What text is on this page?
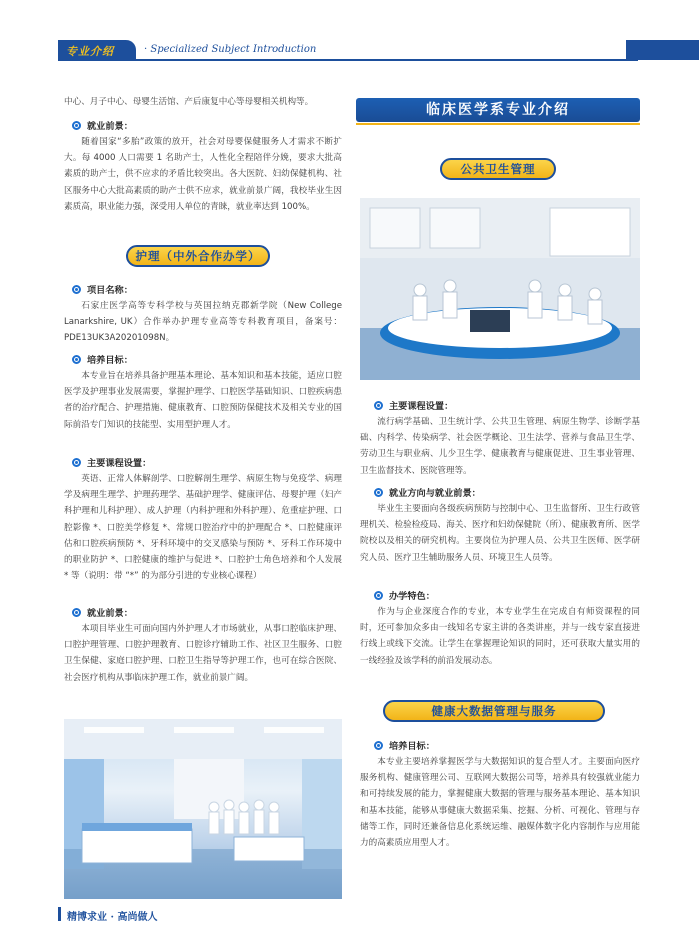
专业介绍	· Specialized Subject Introduction

中心、月子中心、母婴生活馆、产后康复中心等母婴相关机构等。

就业前景：

随着国家“多胎”政策的放开，社会对母婴保健服务人才需求不断扩大。每 4000 人口需要 1 名助产士，人性化全程陪伴分娩，要求大批高素质的助产士，供不应求的矛盾比较突出。各大医院、妇幼保健机构、社区服务中心大批高素质的助产士供不应求，就业前景广阔，我校毕业生因素质高，职业能力强，深受用人单位的青睐，就业率达到 100%。

护理（中外合作办学）
项目名称：

石家庄医学高等专科学校与英国拉纳克郡新学院（New College Lanarkshire, UK）合作举办护理专业高等专科教育项目，备案号：PDE13UK3A20201098N。

培养目标：

本专业旨在培养具备护理基本理论、基本知识和基本技能，适应口腔医学及护理事业发展需要，掌握护理学、口腔医学基础知识、口腔疾病患者的治疗配合、护理措施、健康教育、口腔预防保健技术及相关专业的国际前沿专门知识的技能型、实用型护理人才。

主要课程设置：

英语、正常人体解剖学、口腔解剖生理学、病原生物与免疫学、病理学及病理生理学、护理药理学、基础护理学、健康评估、母婴护理（妇产科护理和儿科护理）、成人护理（内科护理和外科护理）、危重症护理、口腔影像 *、口腔美学修复 *、常规口腔治疗中的护理配合 *、口腔健康评估和口腔疾病预防 *、牙科环境中的交叉感染与预防 *、牙科工作环境中的职业防护 *、口腔健康的维护与促进 *、口腔护士角色培养和个人发展 * 等（说明：带 “*” 的为部分引进的专业核心课程）

就业前景：

本项目毕业生可面向国内外护理人才市场就业，从事口腔临床护理、口腔护理管理、口腔护理教育、口腔诊疗辅助工作、社区卫生服务、口腔卫生保健、家庭口腔护理、口腔卫生指导等护理工作，也可在综合医院、社会医疗机构从事临床护理工作，就业前景广阔。

临床医学系专业介绍
公共卫生管理
主要课程设置：

流行病学基础、卫生统计学、公共卫生管理、病原生物学、诊断学基础、内科学、传染病学、社会医学概论、卫生法学、营养与食品卫生学、劳动卫生与职业病、儿少卫生学、健康教育与健康促进、卫生事业管理、卫生监督技术、医院管理等。

就业方向与就业前景：

毕业生主要面向各级疾病预防与控制中心、卫生监督所、卫生行政管理机关、检验检疫局、海关、医疗和妇幼保健院（所）、健康教育所、医学院校以及相关的研究机构。主要岗位为护理人员、公共卫生医师、医学研究人员、医疗卫生辅助服务人员、环境卫生人员等。

办学特色：

作为与企业深度合作的专业，本专业学生在完成自有师资课程的同时，还可参加众多由一线知名专家主讲的各类讲座，并与一线专家直接进行线上或线下交流。让学生在掌握理论知识的同时，还可获取大量实用的一线经验及该学科的前沿发展动态。

健康大数据管理与服务
培养目标：

本专业主要培养掌握医学与大数据知识的复合型人才。主要面向医疗服务机构、健康管理公司、互联网大数据公司等，培养具有较强就业能力和可持续发展的能力，掌握健康大数据的管理与服务基本理论、基本知识和基本技能，能够从事健康大数据采集、挖掘、分析、可视化、管理与存储等工作，同时还兼备信息化系统运维、融媒体数字化内容制作与应用能力的高素质应用型人才。

精博求业 · 高尚做人
